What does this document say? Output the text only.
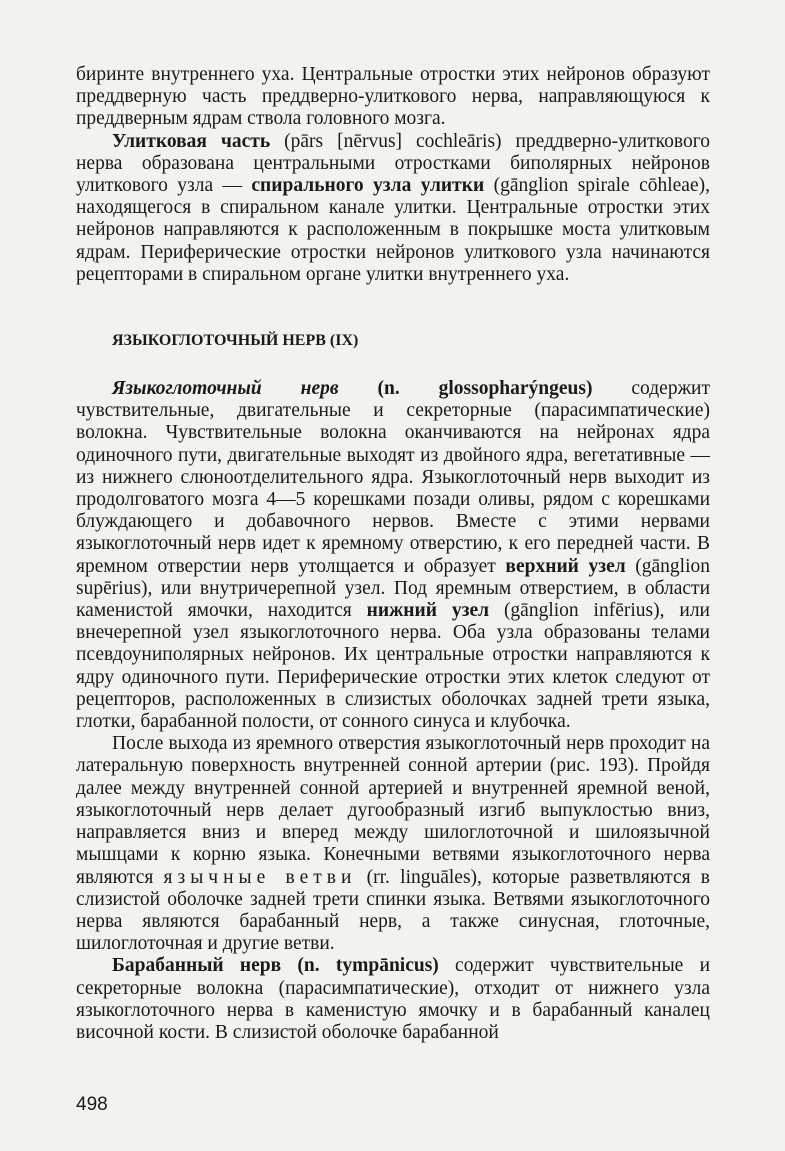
биринте внутреннего уха. Центральные отростки этих нейронов образуют преддверную часть преддверно-улиткового нерва, направляющуюся к преддверным ядрам ствола головного мозга.

Улитковая часть (pārs [nērvus] cochleāris) преддверно-улиткового нерва образована центральными отростками биполярных нейронов улиткового узла — спирального узла улитки (gānglion spirale cōhleae), находящегося в спиральном канале улитки. Центральные отростки этих нейронов направляются к расположенным в покрышке моста улитковым ядрам. Периферические отростки нейронов улиткового узла начинаются рецепторами в спиральном органе улитки внутреннего уха.

ЯЗЫКОГЛОТОЧНЫЙ НЕРВ (IX)

Языкоглоточный нерв (n. glossopharýngeus) содержит чувствительные, двигательные и секреторные (парасимпатические) волокна. Чувствительные волокна оканчиваются на нейронах ядра одиночного пути, двигательные выходят из двойного ядра, вегетативные — из нижнего слюноотделительного ядра. Языкоглоточный нерв выходит из продолговатого мозга 4—5 корешками позади оливы, рядом с корешками блуждающего и добавочного нервов. Вместе с этими нервами языкоглоточный нерв идет к яремному отверстию, к его передней части. В яремном отверстии нерв утолщается и образует верхний узел (gānglion supērius), или внутричерепной узел. Под яремным отверстием, в области каменистой ямочки, находится нижний узел (gānglion infērius), или внечерепной узел языкоглоточного нерва. Оба узла образованы телами псевдоуниполярных нейронов. Их центральные отростки направляются к ядру одиночного пути. Периферические отростки этих клеток следуют от рецепторов, расположенных в слизистых оболочках задней трети языка, глотки, барабанной полости, от сонного синуса и клубочка.

После выхода из яремного отверстия языкоглоточный нерв проходит на латеральную поверхность внутренней сонной артерии (рис. 193). Пройдя далее между внутренней сонной артерией и внутренней яремной веной, языкоглоточный нерв делает дугообразный изгиб выпуклостью вниз, направляется вниз и вперед между шилоглоточной и шилоязычной мышцами к корню языка. Конечными ветвями языкоглоточного нерва являются язычные ветви (rr. linguāles), которые разветвляются в слизистой оболочке задней трети спинки языка. Ветвями языкоглоточного нерва являются барабанный нерв, а также синусная, глоточные, шилоглоточная и другие ветви.

Барабанный нерв (n. tympānicus) содержит чувствительные и секреторные волокна (парасимпатические), отходит от нижнего узла языкоглоточного нерва в каменистую ямочку и в барабанный каналец височной кости. В слизистой оболочке барабанной

498
